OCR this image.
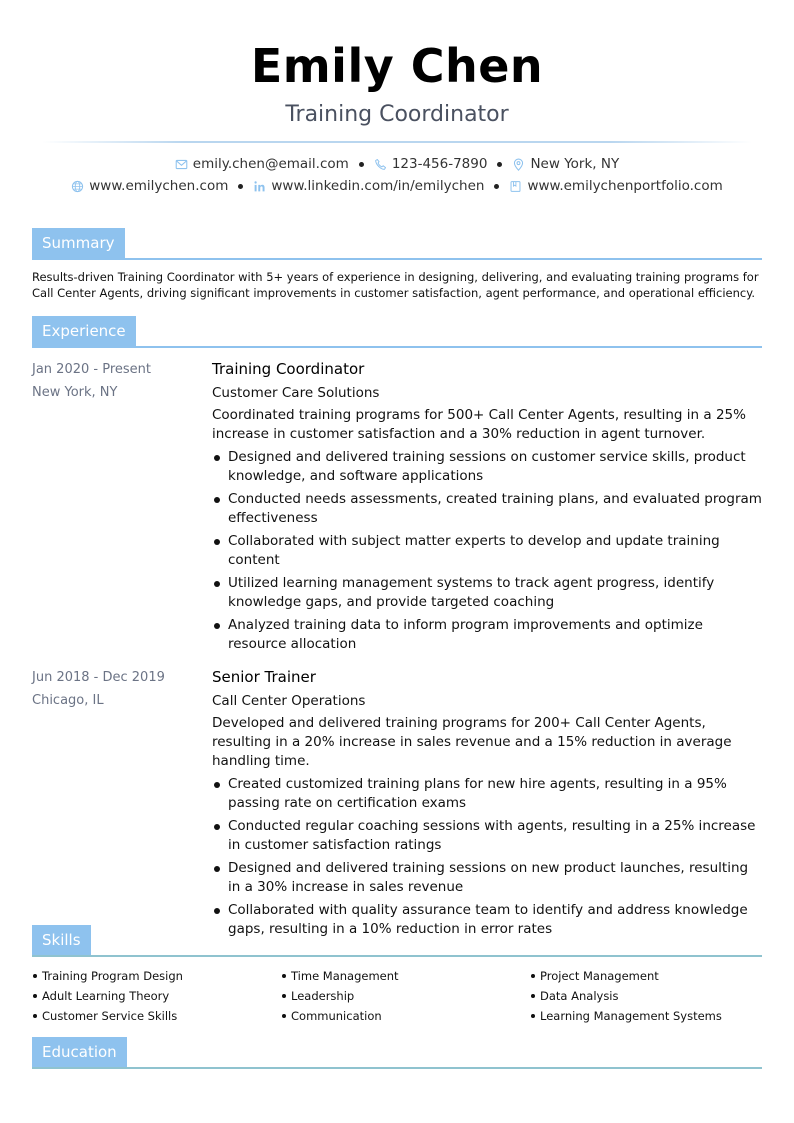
Emily Chen
Training Coordinator
emily.chen@email.com	123-456-7890	New York, NY
www.emilychen.com	www.linkedin.com/in/emilychen	www.emilychenportfolio.com
Summary

Results-driven Training Coordinator with 5+ years of experience in designing, delivering, and evaluating training programs for Call Center Agents, driving significant improvements in customer satisfaction, agent performance, and operational efficiency.

Experience
Jan 2020 - Present
New York, NY
Training Coordinator
Customer Care Solutions
Coordinated training programs for 500+ Call Center Agents, resulting in a 25% increase in customer satisfaction and a 30% reduction in agent turnover.
Designed and delivered training sessions on customer service skills, product knowledge, and software applications
Conducted needs assessments, created training plans, and evaluated program effectiveness
Collaborated with subject matter experts to develop and update training content
Utilized learning management systems to track agent progress, identify knowledge gaps, and provide targeted coaching
Analyzed training data to inform program improvements and optimize resource allocation
Jun 2018 - Dec 2019
Chicago, IL
Senior Trainer
Call Center Operations
Developed and delivered training programs for 200+ Call Center Agents, resulting in a 20% increase in sales revenue and a 15% reduction in average handling time.
Created customized training plans for new hire agents, resulting in a 95% passing rate on certification exams
Conducted regular coaching sessions with agents, resulting in a 25% increase in customer satisfaction ratings
Designed and delivered training sessions on new product launches, resulting in a 30% increase in sales revenue
Collaborated with quality assurance team to identify and address knowledge gaps, resulting in a 10% reduction in error rates
Skills
Training Program Design	Time Management	Project Management
Adult Learning Theory	Leadership	Data Analysis
Customer Service Skills	Communication	Learning Management Systems
Education
